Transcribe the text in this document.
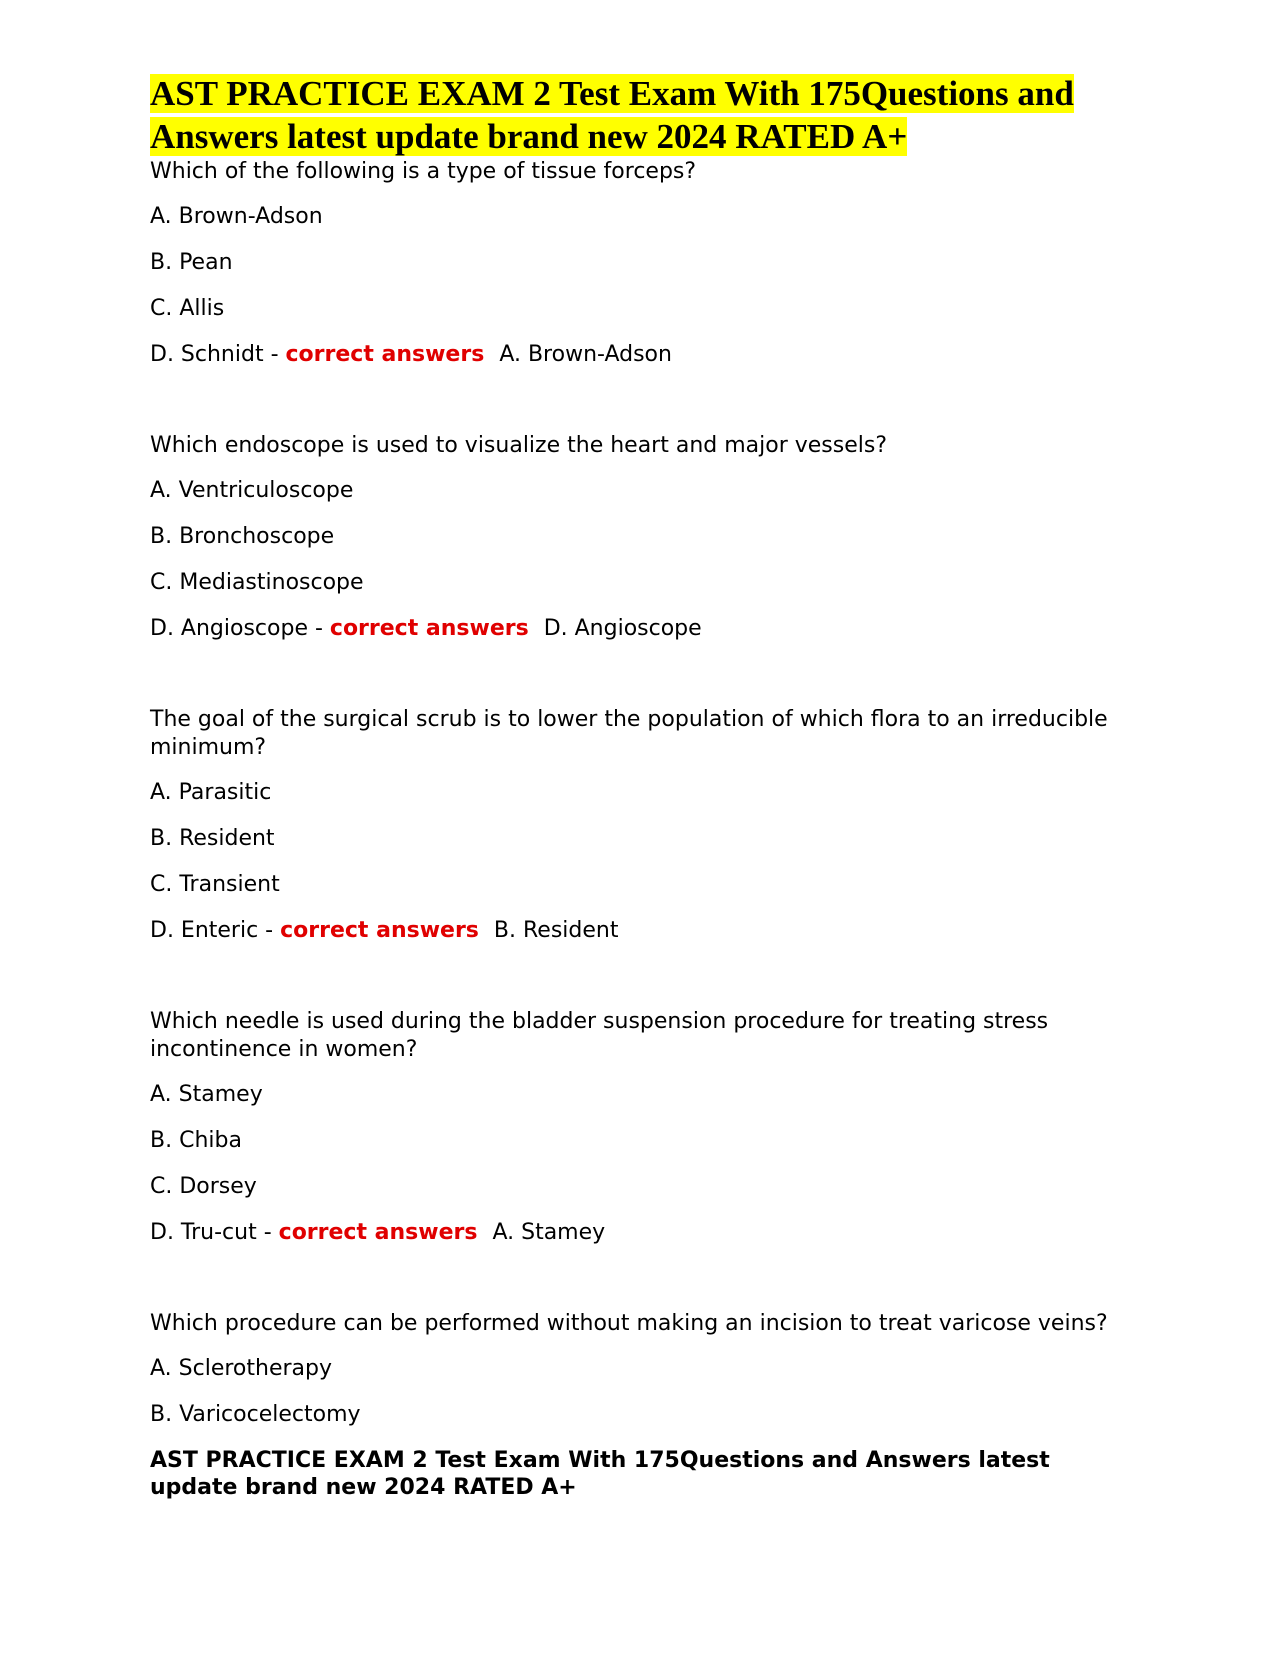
AST PRACTICE EXAM 2 Test Exam With 175Questions and Answers latest update brand new 2024 RATED A+

Which of the following is a type of tissue forceps?

A. Brown-Adson

B. Pean

C. Allis

D. Schnidt - correct answers A. Brown-Adson

Which endoscope is used to visualize the heart and major vessels?

A. Ventriculoscope

B. Bronchoscope

C. Mediastinoscope

D. Angioscope - correct answers D. Angioscope

The goal of the surgical scrub is to lower the population of which flora to an irreducible minimum?

A. Parasitic

B. Resident

C. Transient

D. Enteric - correct answers B. Resident

Which needle is used during the bladder suspension procedure for treating stress incontinence in women?

A. Stamey

B. Chiba

C. Dorsey

D. Tru-cut - correct answers A. Stamey

Which procedure can be performed without making an incision to treat varicose veins?

A. Sclerotherapy

B. Varicocelectomy

AST PRACTICE EXAM 2 Test Exam With 175Questions and Answers latest update brand new 2024 RATED A+
